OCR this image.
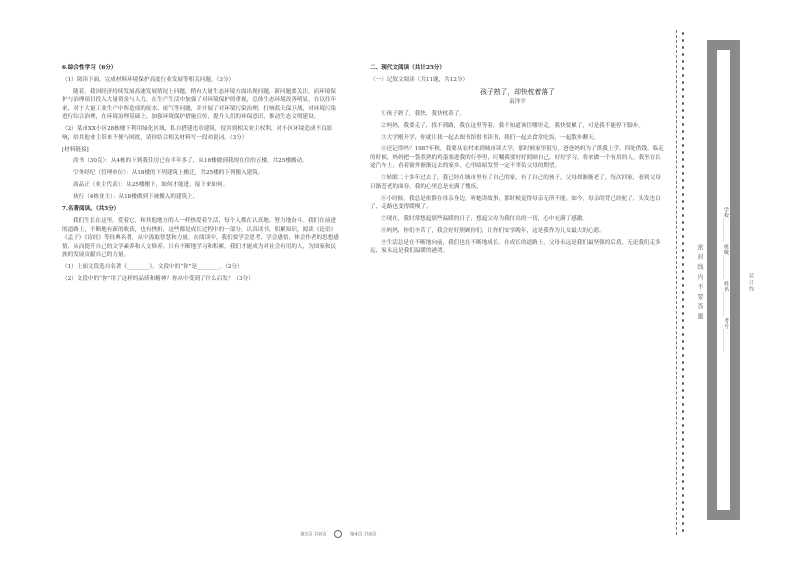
6.综合性学习（6分）

（1）阅读下面，完成材料环境保护高度行业发展等相关问题。（3分）

随着，我国经济持续发展高速发展情况上问题，稍有大量生态环境方面出现问题，新问题要关注，而环境保护与治理项目投入大量资金与人力，在生产生活中加强了对环境保护的重视，总体生态环境改善明显，在以往年来，对于大量工业生产中所造成的废水、废气等问题，并开展了对环境污染治理，打响蓝天保卫战，对环境污染进行综合治理，在环境治理基础上，加强环境保护措施宣传，提升人们的环保意识，推动生态文明建设。

（2）某市XX小区28栋楼下利用绿化区域，私自搭建违章建筑，侵害到相关业主权利，对小区环境造成不良影响，给其他业主带来不便与困扰，请你结合相关材料写一段劝说词。（3分）

[材料链接]

尚书（30克）：从4栋的下到我住房已有半年多了，从18楼做到我现在住的五楼，共25楼搬动。

空务经纪（管理单位）：从18楼的下列建筑上搬迁，共25楼的下列搬入建筑。

商品正（业主代表）：从25楼搬下，如何才能进，接下来如何。

执行（4栋业主）：从18楼做到下被搬入的建筑上。

7.名著阅读。（共5分）

我们生长在这里，爱着它，和其他地方的人一样热爱着生活，每个人都在认真地、努力地奋斗。我们在前进的道路上，不断地有新的收获，也有挫折，这些都是成长过程中的一部分，认真读书，积累知识，阅读《论语》《孟子》《诗经》等经典名著，从中汲取智慧和力量。在阅读中，我们要学会思考、学会感悟，体会作者的思想感情，从而提升自己的文学素养和人文修养。只有不断地学习和积累，我们才能成为对社会有用的人，为国家和民族的发展贡献自己的力量。

（1）上面文段选自名著《________》，文段中的“你”是________。（2分）

（2）文段中的“你”用了这样的品质和精神？你从中受到了什么启发？（3分）

二、现代文阅读（共计25分）

（一）记叙文阅读（共11题，共12分）

孩子熟了，却快枕着落了

袁泽平

①孩子熟了，我快，我快枕着了。

②妈妈，我要走了，找不到路，我在这里等着，我不知道该往哪里走，我快要累了，可是我不能停下脚步。

③大学刚开学，你就让我一起去图书馆借书读书，我们一起去食堂吃饭，一起散步聊天。

④还记得吗？1987年秋，我要从农村来到城市读大学，那时候家里很穷，爸爸妈妈为了供我上学，四处借钱。临走的时候，妈妈把一袋煮熟的鸡蛋塞进我的行李里，叮嘱我要好好照顾自己，好好学习，将来做一个有用的人。我坐在长途汽车上，看着窗外渐渐远去的家乡，心里暗暗发誓一定不辜负父母的期望。

⑤转眼二十多年过去了，我已经在城市里有了自己的家，有了自己的孩子，父母却渐渐老了。每次回家，看到父母日渐苍老的面容，我的心里总是充满了愧疚。

⑥小时候，我总是依偎在母亲身边，听她讲故事，那时候觉得母亲无所不能。如今，母亲的背已经驼了，头发也白了，走路也变得缓慢了。

⑦现在，我时常想起那些温暖的日子，想起父母为我付出的一切，心中充满了感激。

⑧妈妈，你们辛苦了，我会好好照顾你们，让你们安享晚年，这是我作为儿女最大的心愿。

⑨生活总是在不断地向前，我们也在不断地成长。在成长的道路上，父母永远是我们最坚强的后盾，无论我们走多远，家永远是我们温暖的港湾。

第3页 共8页	第4页 共8页
密 封 线 内 不 要 答 题	学校________ 班级________ 姓名________ 考号________	装 订 线
